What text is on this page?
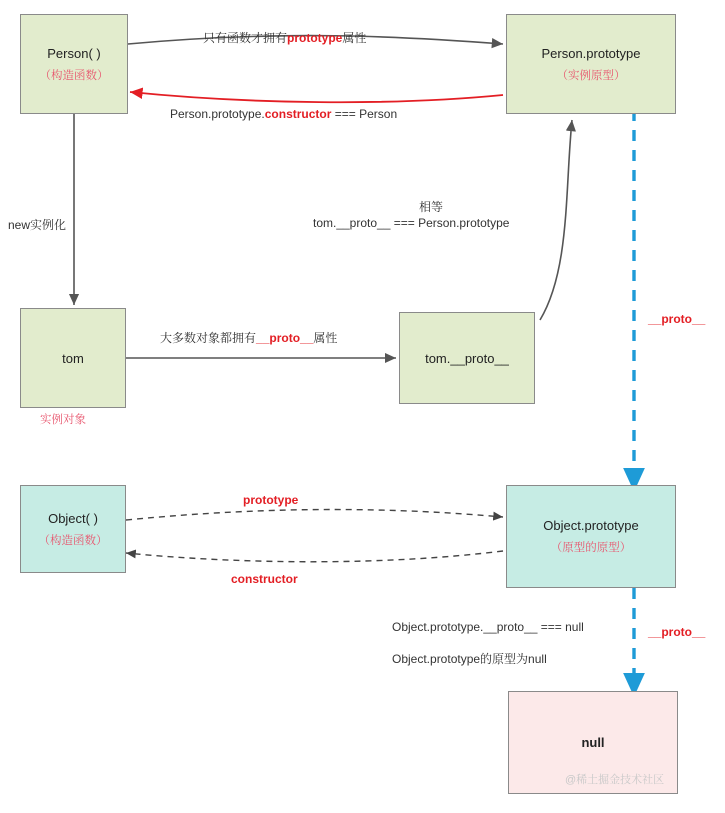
Person( )
（构造函数）
Person.prototype
（实例原型）
tom	tom.__proto__
Object( )
（构造函数）
Object.prototype
（原型的原型）
null
只有函数才拥有prototype属性
Person.prototype.constructor === Person
new实例化
相等
tom.__proto__ === Person.prototype
大多数对象都拥有__proto__属性
实例对象
prototype
constructor
__proto__
__proto__
Object.prototype.__proto__ === null
Object.prototype的原型为null
@稀土掘金技术社区
